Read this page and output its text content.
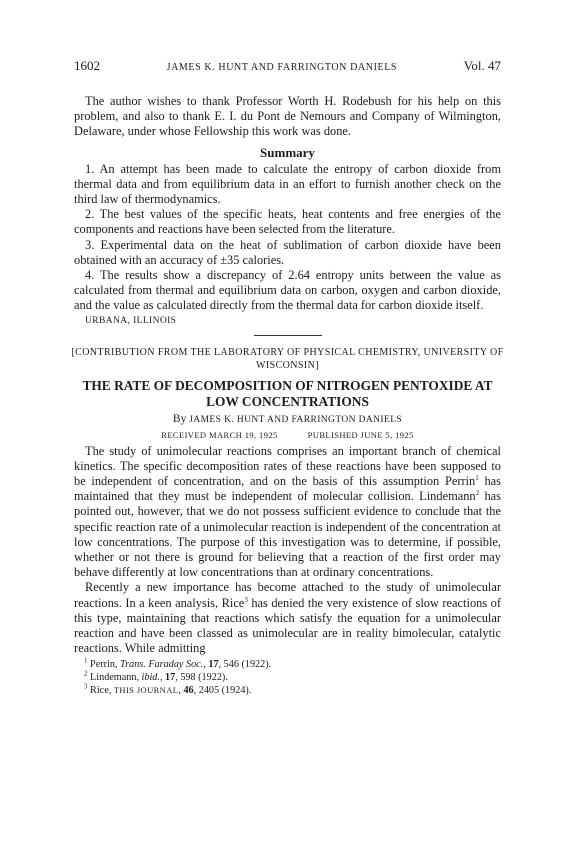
1602	JAMES K. HUNT AND FARRINGTON DANIELS	Vol. 47

The author wishes to thank Professor Worth H. Rodebush for his help on this problem, and also to thank E. I. du Pont de Nemours and Company of Wilmington, Delaware, under whose Fellowship this work was done.

Summary

1. An attempt has been made to calculate the entropy of carbon dioxide from thermal data and from equilibrium data in an effort to furnish another check on the third law of thermodynamics.

2. The best values of the specific heats, heat contents and free energies of the components and reactions have been selected from the literature.

3. Experimental data on the heat of sublimation of carbon dioxide have been obtained with an accuracy of ±35 calories.

4. The results show a discrepancy of 2.64 entropy units between the value as calculated from thermal and equilibrium data on carbon, oxygen and carbon dioxide, and the value as calculated directly from the thermal data for carbon dioxide itself.

URBANA, ILLINOIS
[CONTRIBUTION FROM THE LABORATORY OF PHYSICAL CHEMISTRY, UNIVERSITY OF WISCONSIN]
THE RATE OF DECOMPOSITION OF NITROGEN PENTOXIDE AT LOW CONCENTRATIONS
By JAMES K. HUNT AND FARRINGTON DANIELS
RECEIVED MARCH 19, 1925	PUBLISHED JUNE 5, 1925

The study of unimolecular reactions comprises an important branch of chemical kinetics. The specific decomposition rates of these reactions have been supposed to be independent of concentration, and on the basis of this assumption Perrin$^1$ has maintained that they must be independent of molecular collision. Lindemann$^2$ has pointed out, however, that we do not possess sufficient evidence to conclude that the specific reaction rate of a unimolecular reaction is independent of the concentration at low concentrations. The purpose of this investigation was to determine, if possible, whether or not there is ground for believing that a reaction of the first order may behave differently at low concentrations than at ordinary concentrations.

Recently a new importance has become attached to the study of unimolecular reactions. In a keen analysis, Rice$^3$ has denied the very existence of slow reactions of this type, maintaining that reactions which satisfy the equation for a unimolecular reaction and have been classed as unimolecular are in reality bimolecular, catalytic reactions. While admitting

$^1$ Perrin, Trans. Faraday Soc., 17, 546 (1922).
$^2$ Lindemann, ibid., 17, 598 (1922).
$^3$ Rice, THIS JOURNAL, 46, 2405 (1924).
